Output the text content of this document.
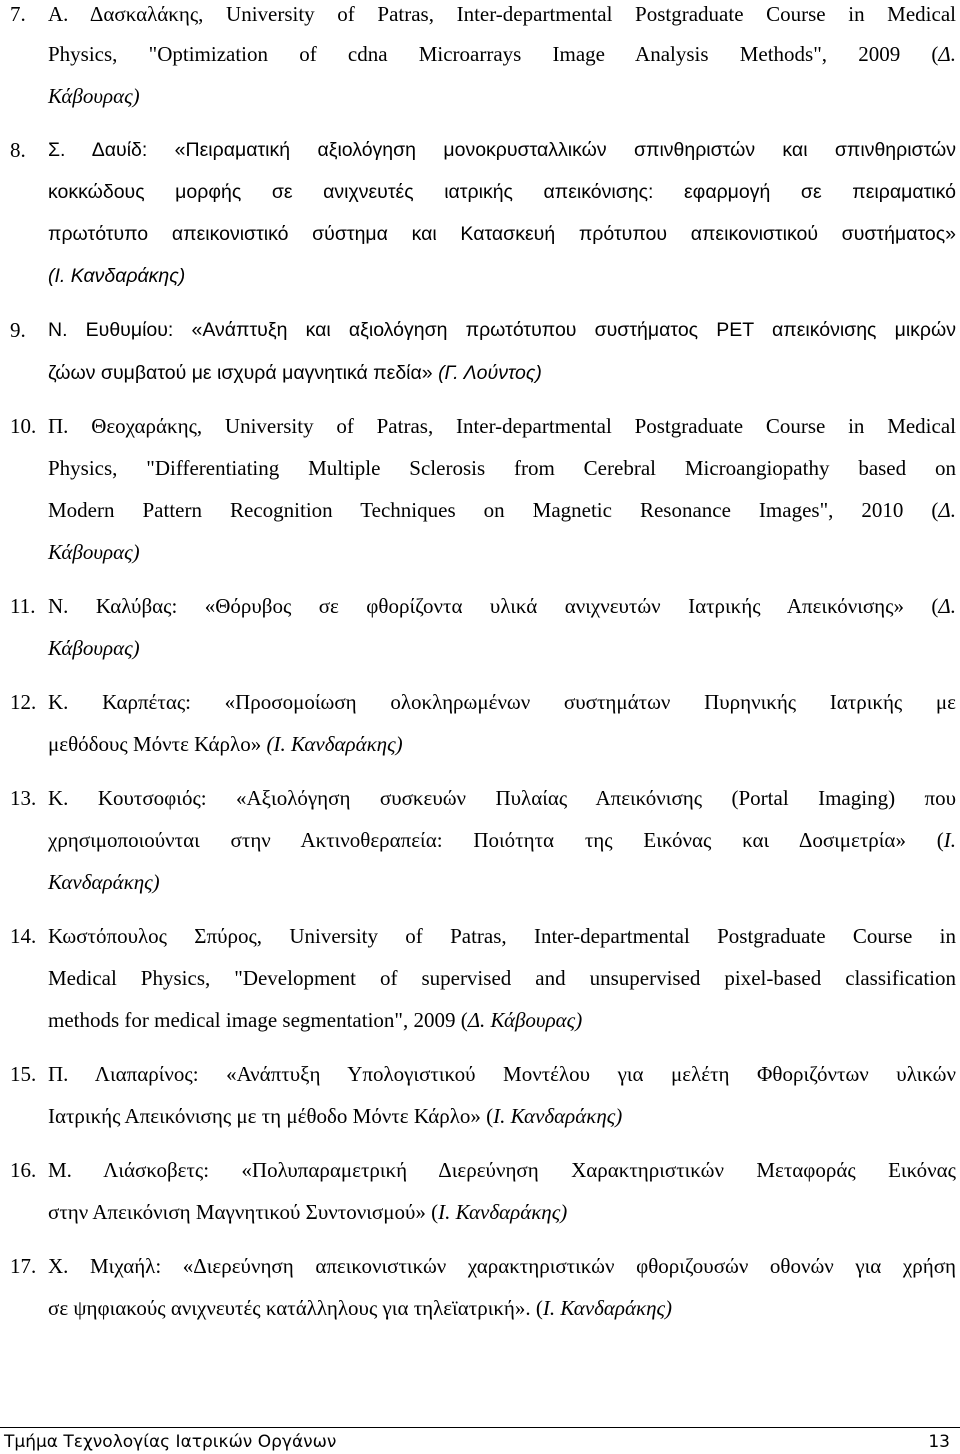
7. Α. Δασκαλάκης, University of Patras, Inter-departmental Postgraduate Course in Medical
Physics, "Optimization of cdna Microarrays Image Analysis Methods", 2009 (Δ.
Κάβουρας)
8. Σ. Δαυίδ: «Πειραματική αξιολόγηση μονοκρυσταλλικών σπινθηριστών και σπινθηριστών
κοκκώδους μορφής σε ανιχνευτές ιατρικής απεικόνισης: εφαρμογή σε πειραματικό
πρωτότυπο απεικονιστικό σύστημα και Κατασκευή πρότυπου απεικονιστικού συστήματος»
(Ι. Κανδαράκης)
9. Ν. Ευθυμίου: «Ανάπτυξη και αξιολόγηση πρωτότυπου συστήματος PET απεικόνισης μικρών
ζώων συμβατού με ισχυρά μαγνητικά πεδία» (Γ. Λούντος)
10. Π. Θεοχαράκης, University of Patras, Inter-departmental Postgraduate Course in Medical
Physics, "Differentiating Multiple Sclerosis from Cerebral Microangiopathy based on
Modern Pattern Recognition Techniques on Magnetic Resonance Images", 2010 (Δ.
Κάβουρας)
11. Ν. Καλύβας: «Θόρυβος σε φθορίζοντα υλικά ανιχνευτών Ιατρικής Απεικόνισης» (Δ.
Κάβουρας)
12. Κ. Καρπέτας: «Προσομοίωση ολοκληρωμένων συστημάτων Πυρηνικής Ιατρικής με
μεθόδους Μόντε Κάρλο» (Ι. Κανδαράκης)
13. Κ. Κουτσοφιός: «Αξιολόγηση συσκευών Πυλαίας Απεικόνισης (Portal Imaging) που
χρησιμοποιούνται στην Ακτινοθεραπεία: Ποιότητα της Εικόνας και Δοσιμετρία» (Ι.
Κανδαράκης)
14. Κωστόπουλος Σπύρος, University of Patras, Inter-departmental Postgraduate Course in
Medical Physics, "Development of supervised and unsupervised pixel-based classification
methods for medical image segmentation", 2009 (Δ. Κάβουρας)
15. Π. Λιαπαρίνος: «Ανάπτυξη Υπολογιστικού Μοντέλου για μελέτη Φθοριζόντων υλικών
Ιατρικής Απεικόνισης με τη μέθοδο Μόντε Κάρλο» (Ι. Κανδαράκης)
16. Μ. Λιάσκοβετς: «Πολυπαραμετρική Διερεύνηση Χαρακτηριστικών Μεταφοράς Εικόνας
στην Απεικόνιση Μαγνητικού Συντονισμού» (Ι. Κανδαράκης)
17. Χ. Μιχαήλ: «Διερεύνηση απεικονιστικών χαρακτηριστικών φθοριζουσών οθονών για χρήση
σε ψηφιακούς ανιχνευτές κατάλληλους για τηλεϊατρική». (Ι. Κανδαράκης)
Τμήμα Τεχνολογίας Ιατρικών Οργάνων	13
